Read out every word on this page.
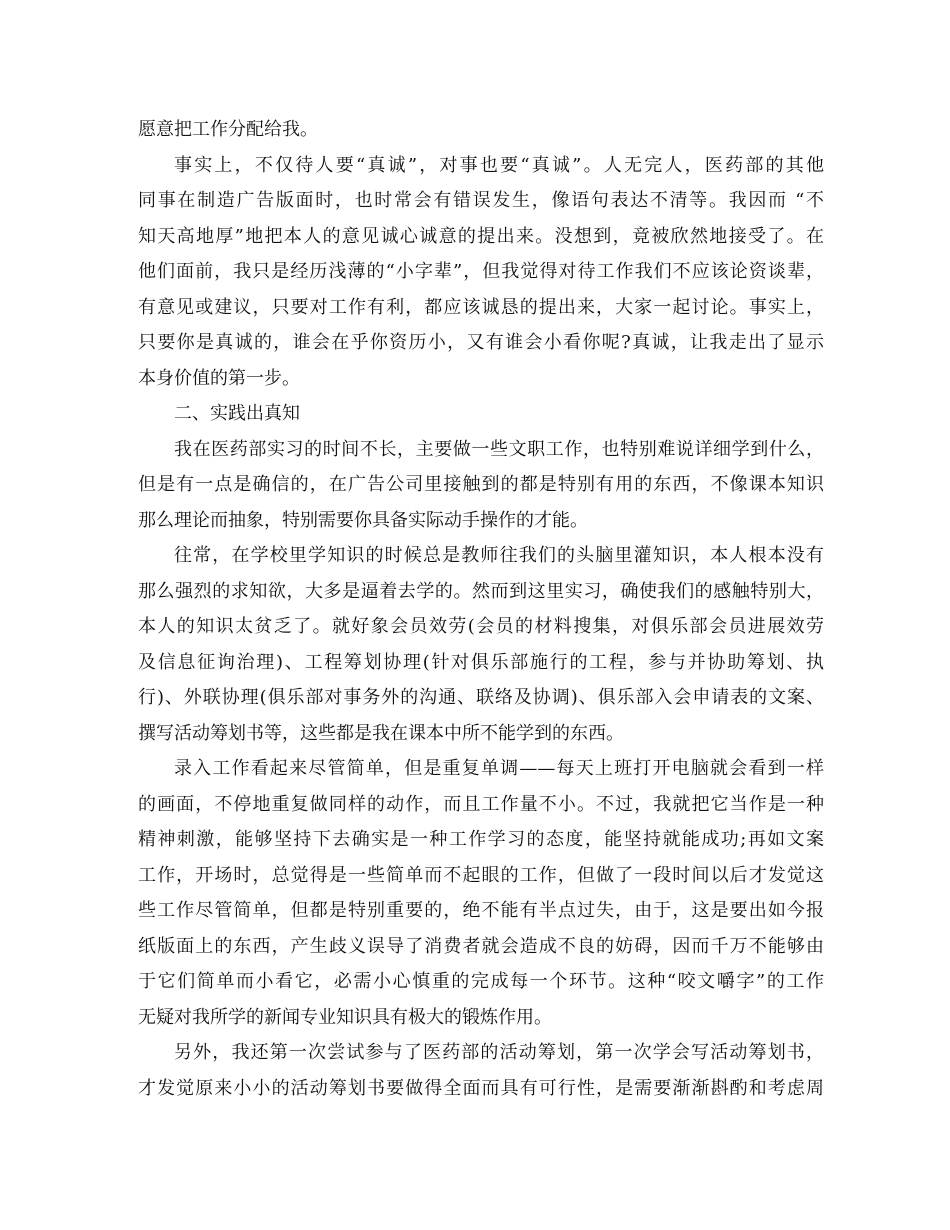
愿意把工作分配给我。
事实上，不仅待人要“真诚”，对事也要“真诚”。人无完人，医药部的其他
同事在制造广告版面时，也时常会有错误发生，像语句表达不清等。我因而 “不
知天高地厚”地把本人的意见诚心诚意的提出来。没想到，竟被欣然地接受了。在
他们面前，我只是经历浅薄的“小字辈”，但我觉得对待工作我们不应该论资谈辈，
有意见或建议，只要对工作有利，都应该诚恳的提出来，大家一起讨论。事实上，
只要你是真诚的，谁会在乎你资历小，又有谁会小看你呢?真诚，让我走出了显示
本身价值的第一步。
二、实践出真知
我在医药部实习的时间不长，主要做一些文职工作，也特别难说详细学到什么，
但是有一点是确信的，在广告公司里接触到的都是特别有用的东西，不像课本知识
那么理论而抽象，特别需要你具备实际动手操作的才能。
往常，在学校里学知识的时候总是教师往我们的头脑里灌知识，本人根本没有
那么强烈的求知欲，大多是逼着去学的。然而到这里实习，确使我们的感触特别大，
本人的知识太贫乏了。就好象会员效劳(会员的材料搜集，对俱乐部会员进展效劳
及信息征询治理)、工程筹划协理(针对俱乐部施行的工程，参与并协助筹划、执
行)、外联协理(俱乐部对事务外的沟通、联络及协调)、俱乐部入会申请表的文案、
撰写活动筹划书等，这些都是我在课本中所不能学到的东西。
录入工作看起来尽管简单，但是重复单调——每天上班打开电脑就会看到一样
的画面，不停地重复做同样的动作，而且工作量不小。不过，我就把它当作是一种
精神刺激，能够坚持下去确实是一种工作学习的态度，能坚持就能成功;再如文案
工作，开场时，总觉得是一些简单而不起眼的工作，但做了一段时间以后才发觉这
些工作尽管简单，但都是特别重要的，绝不能有半点过失，由于，这是要出如今报
纸版面上的东西，产生歧义误导了消费者就会造成不良的妨碍，因而千万不能够由
于它们简单而小看它，必需小心慎重的完成每一个环节。这种“咬文嚼字”的工作
无疑对我所学的新闻专业知识具有极大的锻炼作用。
另外，我还第一次尝试参与了医药部的活动筹划，第一次学会写活动筹划书，
才发觉原来小小的活动筹划书要做得全面而具有可行性，是需要渐渐斟酌和考虑周
